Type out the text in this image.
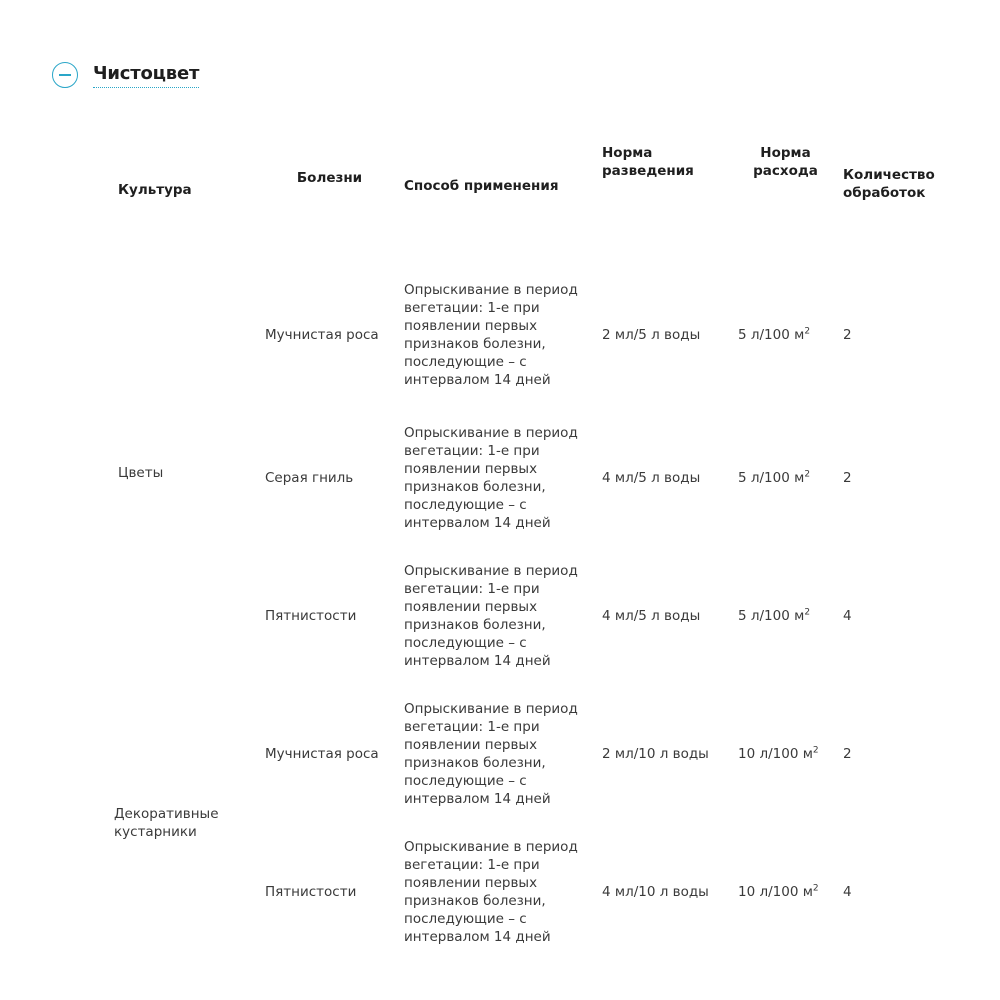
Чистоцвет
Культура	Болезни	Способ применения	Норма разведения	Норма расхода	Количество обработок

Цветы	Мучнистая роса	Опрыскивание в период вегетации: 1-е при появлении первых признаков болезни, последующие – с интервалом 14 дней	2 мл/5 л воды	5 л/100 $м^2$	2
	Серая гниль	Опрыскивание в период вегетации: 1-е при появлении первых признаков болезни, последующие – с интервалом 14 дней	4 мл/5 л воды	5 л/100 $м^2$	2
	Пятнистости	Опрыскивание в период вегетации: 1-е при появлении первых признаков болезни, последующие – с интервалом 14 дней	4 мл/5 л воды	5 л/100 $м^2$	4
Декоративные кустарники	Мучнистая роса	Опрыскивание в период вегетации: 1-е при появлении первых признаков болезни, последующие – с интервалом 14 дней	2 мл/10 л воды	10 л/100 $м^2$	2
	Пятнистости	Опрыскивание в период вегетации: 1-е при появлении первых признаков болезни, последующие – с интервалом 14 дней	4 мл/10 л воды	10 л/100 $м^2$	4
